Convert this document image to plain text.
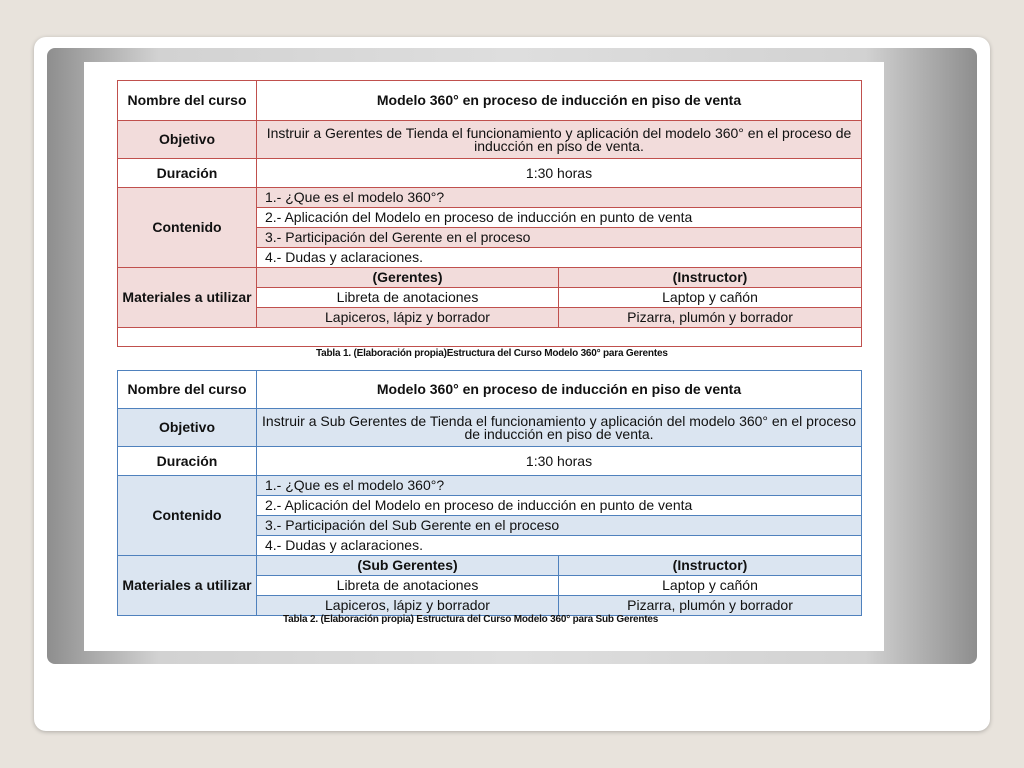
Nombre del curso	Modelo 360° en proceso de inducción en piso de venta	
Objetivo	Instruir a Gerentes de Tienda el funcionamiento y aplicación del modelo 360° en el proceso de inducción en piso de venta.	
Duración	1:30 horas	
Contenido	1.- ¿Que es el modelo 360°?	
	2.- Aplicación del Modelo en proceso de inducción en punto de venta	
	3.- Participación del Gerente en el proceso	
	4.- Dudas y aclaraciones.	
Materiales a utilizar	(Gerentes)	(Instructor)
	Libreta de anotaciones	Laptop y cañón
	Lapiceros, lápiz y borrador	Pizarra, plumón y borrador

Tabla 1. (Elaboración propia)Estructura del Curso Modelo 360° para Gerentes
Nombre del curso	Modelo 360° en proceso de inducción en piso de venta	
Objetivo	Instruir a Sub Gerentes de Tienda el funcionamiento y aplicación del modelo 360° en el proceso de inducción en piso de venta.	
Duración	1:30 horas	
Contenido	1.- ¿Que es el modelo 360°?	
	2.- Aplicación del Modelo en proceso de inducción en punto de venta	
	3.- Participación del Sub Gerente en el proceso	
	4.- Dudas y aclaraciones.	
Materiales a utilizar	(Sub Gerentes)	(Instructor)
	Libreta de anotaciones	Laptop y cañón
	Lapiceros, lápiz y borrador	Pizarra, plumón y borrador
Tabla 2. (Elaboración propia) Estructura del Curso Modelo 360° para Sub Gerentes
